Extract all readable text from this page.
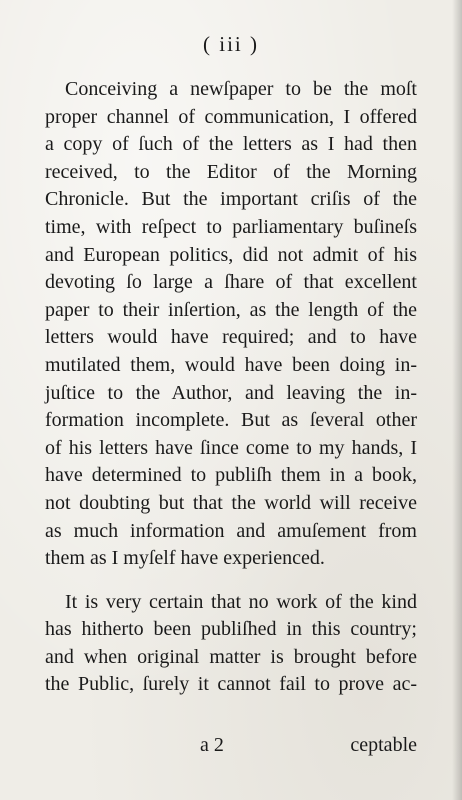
( iii )
Conceiving a newſpaper to be the moſt
proper channel of communication, I offered
a copy of ſuch of the letters as I had then
received, to the Editor of the Morning
Chronicle. But the important criſis of the
time, with reſpect to parliamentary buſineſs
and European politics, did not admit of his
devoting ſo large a ſhare of that excellent
paper to their inſertion, as the length of the
letters would have required; and to have
mutilated them, would have been doing in-
juſtice to the Author, and leaving the in-
formation incomplete. But as ſeveral other
of his letters have ſince come to my hands, I
have determined to publiſh them in a book,
not doubting but that the world will receive
as much information and amuſement from
them as I myſelf have experienced.
It is very certain that no work of the kind
has hitherto been publiſhed in this country;
and when original matter is brought before
the Public, ſurely it cannot fail to prove ac-
a 2	ceptable
